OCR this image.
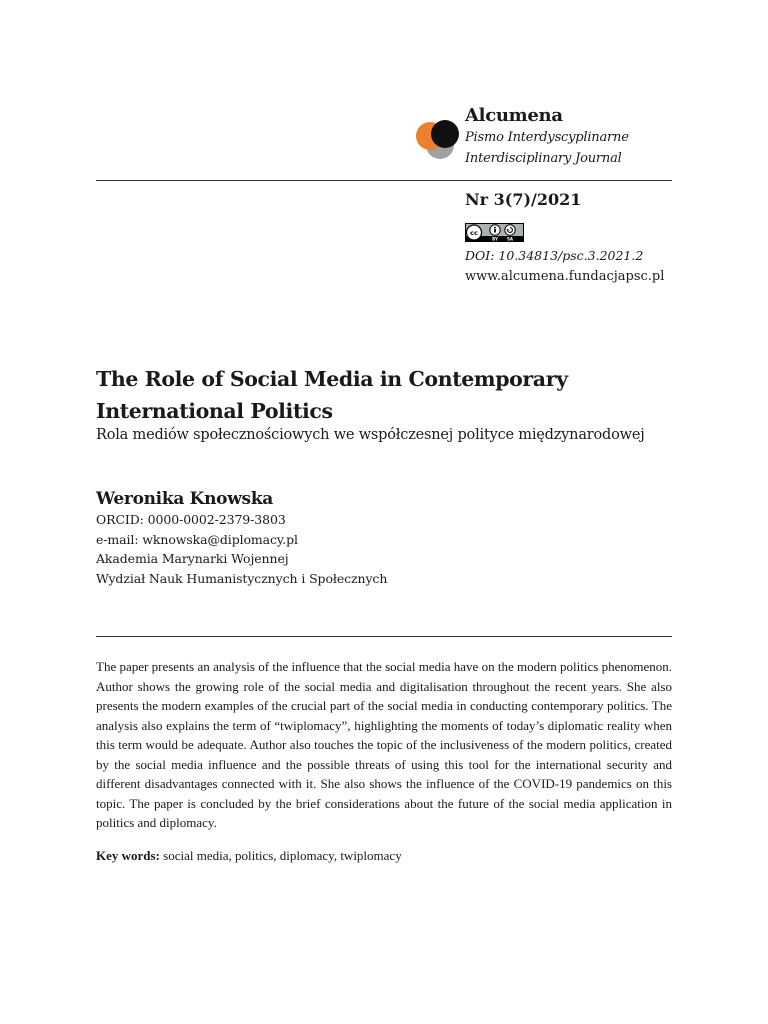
Alcumena
Pismo Interdyscyplinarne
Interdisciplinary Journal
Nr 3(7)/2021
cc
BY SA
DOI: 10.34813/psc.3.2021.2
www.alcumena.fundacjapsc.pl
The Role of Social Media in Contemporary International Politics
Rola mediów społecznościowych we współczesnej polityce międzynarodowej
Weronika Knowska
ORCID: 0000-0002-2379-3803
e-mail: wknowska@diplomacy.pl
Akademia Marynarki Wojennej
Wydział Nauk Humanistycznych i Społecznych

The paper presents an analysis of the influence that the social media have on the modern politics phenomenon. Author shows the growing role of the social media and digitalisation throughout the recent years. She also presents the modern examples of the crucial part of the social media in conducting contemporary politics. The analysis also explains the term of “twiplomacy”, highlighting the moments of today’s diplomatic reality when this term would be adequate. Author also touches the topic of the inclusiveness of the modern politics, created by the social media influence and the possible threats of using this tool for the international security and different disadvantages connected with it. She also shows the influence of the COVID-19 pandemics on this topic. The paper is concluded by the brief considerations about the future of the social media application in politics and diplomacy.

Key words: social media, politics, diplomacy, twiplomacy
